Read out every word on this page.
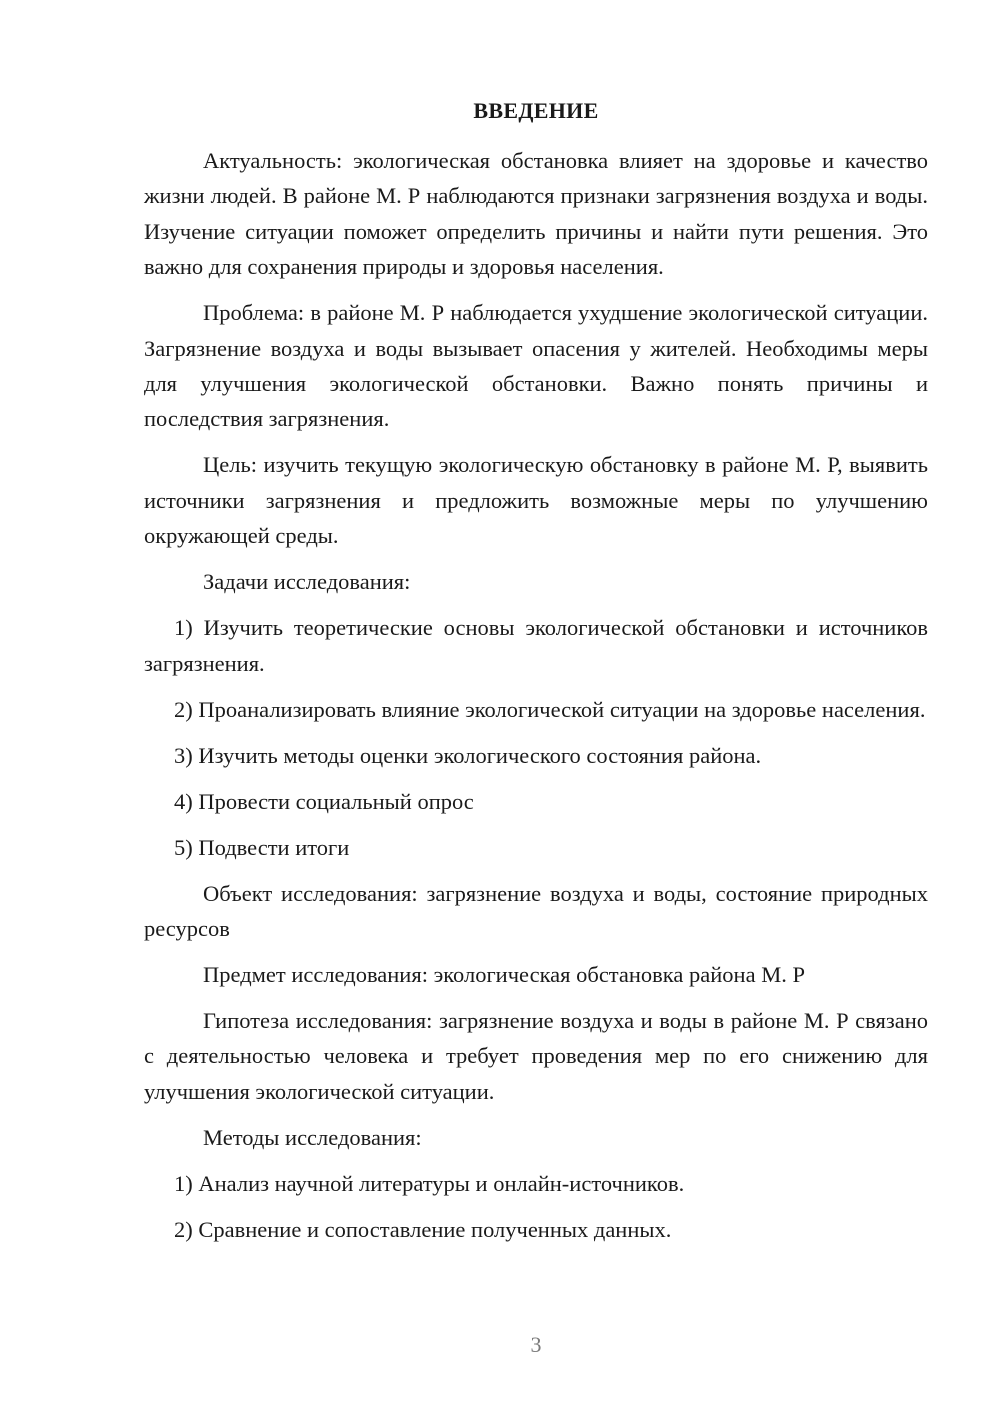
ВВЕДЕНИЕ

Актуальность: экологическая обстановка влияет на здоровье и качество жизни людей. В районе М. Р наблюдаются признаки загрязнения воздуха и воды. Изучение ситуации поможет определить причины и найти пути решения. Это важно для сохранения природы и здоровья населения.

Проблема: в районе М. Р наблюдается ухудшение экологической ситуации. Загрязнение воздуха и воды вызывает опасения у жителей. Необходимы меры для улучшения экологической обстановки. Важно понять причины и последствия загрязнения.

Цель: изучить текущую экологическую обстановку в районе М. Р, выявить источники загрязнения и предложить возможные меры по улучшению окружающей среды.

Задачи исследования:

1) Изучить теоретические основы экологической обстановки и источников загрязнения.

2) Проанализировать влияние экологической ситуации на здоровье населения.

3) Изучить методы оценки экологического состояния района.

4) Провести социальный опрос

5) Подвести итоги

Объект исследования: загрязнение воздуха и воды, состояние природных ресурсов

Предмет исследования: экологическая обстановка района М. Р

Гипотеза исследования: загрязнение воздуха и воды в районе М. Р связано с деятельностью человека и требует проведения мер по его снижению для улучшения экологической ситуации.

Методы исследования:

1) Анализ научной литературы и онлайн-источников.

2) Сравнение и сопоставление полученных данных.

3
